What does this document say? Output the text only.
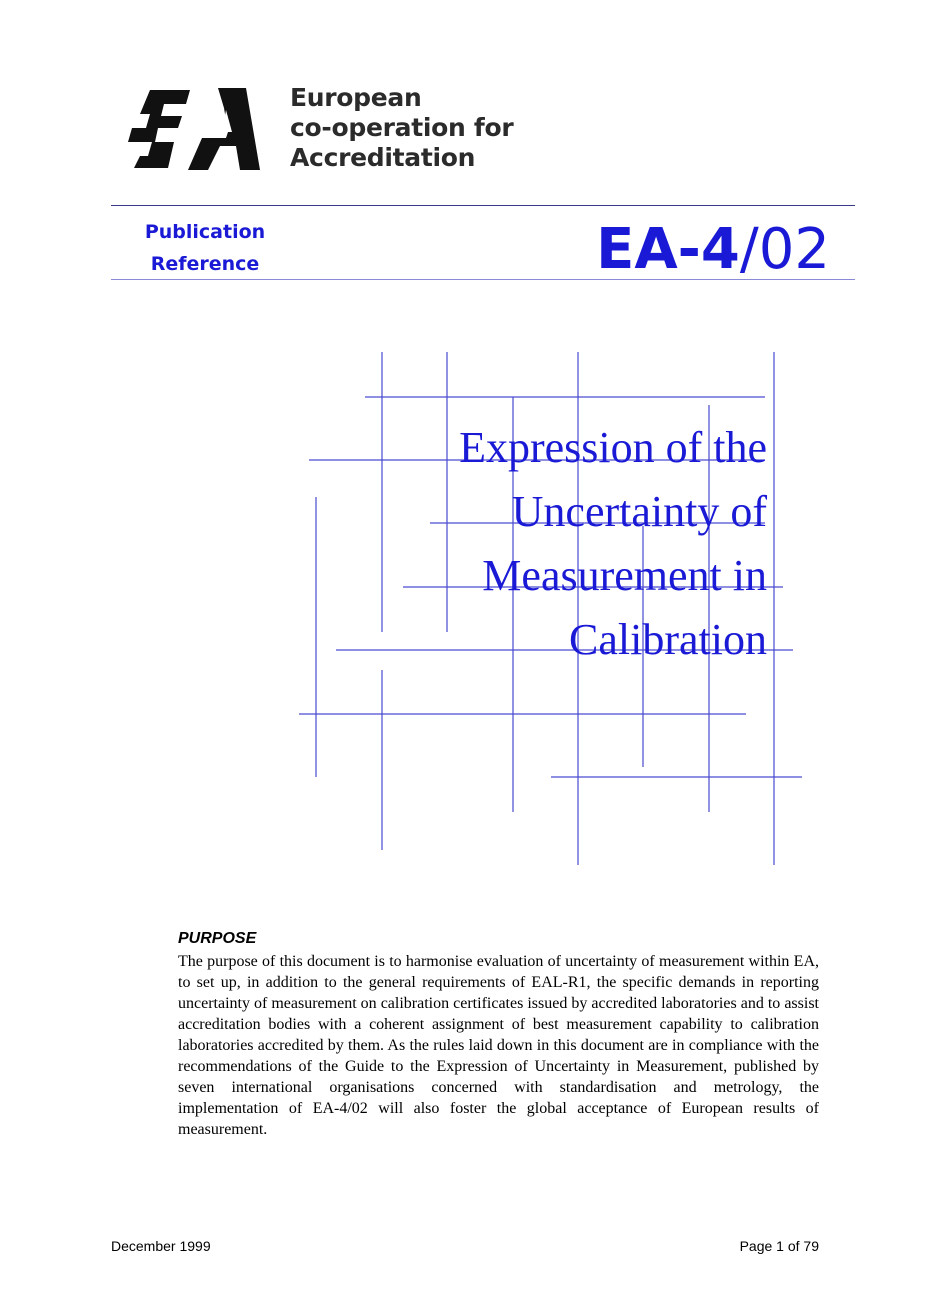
European
co-operation for
Accreditation
Publication
Reference	EA-4/02
Expression of the
Uncertainty of
Measurement in
Calibration
PURPOSE
The purpose of this document is to harmonise evaluation of uncertainty of measurement within EA, to set up, in addition to the general requirements of EAL-R1, the specific demands in reporting uncertainty of measurement on calibration certificates issued by accredited laboratories and to assist accreditation bodies with a coherent assignment of best measurement capability to calibration laboratories accredited by them. As the rules laid down in this document are in compliance with the recommendations of the Guide to the Expression of Uncertainty in Measurement, published by seven international organisations concerned with standardisation and metrology, the implementation of EA-4/02 will also foster the global acceptance of European results of measurement.
December 1999	Page 1 of 79
